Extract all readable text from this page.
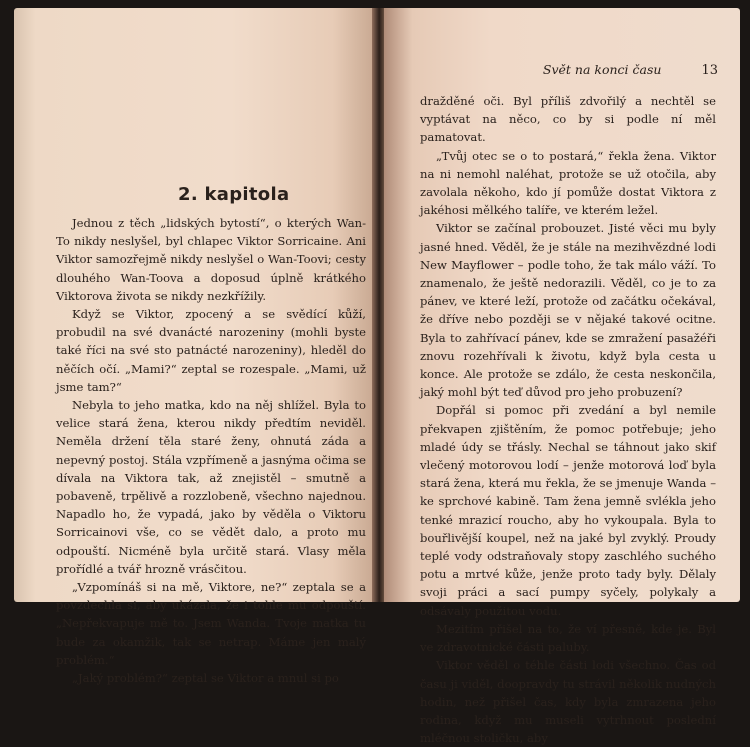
2. kapitola

Jednou z těch „lidských bytostí“, o kterých Wan-To nikdy neslyšel, byl chlapec Viktor Sorricaine. Ani Viktor samozřejmě nikdy neslyšel o Wan-Toovi; cesty dlouhého Wan-Toova a doposud úplně krátkého Viktorova života se nikdy nezkřížily.

Když se Viktor, zpocený a se svědící kůží, probudil na své dvanácté narozeniny (mohli byste také říci na své sto patnácté narozeniny), hleděl do něčích očí. „Mami?“ zeptal se rozespale. „Mami, už jsme tam?“

Nebyla to jeho matka, kdo na něj shlížel. Byla to velice stará žena, kterou nikdy předtím neviděl. Neměla držení těla staré ženy, ohnutá záda a nepevný postoj. Stála vzpřímeně a jasnýma očima se dívala na Viktora tak, až znejistěl – smutně a pobaveně, trpělivě a rozzlobeně, všechno najednou. Napadlo ho, že vypadá, jako by věděla o Viktoru Sorricainovi vše, co se vědět dalo, a proto mu odpouští. Nicméně byla určitě stará. Vlasy měla prořídlé a tvář hrozně vrásčitou.

„Vzpomínáš si na mě, Viktore, ne?“ zeptala se a povzdechla si, aby ukázala, že i tohle mu odpouští. „Nepřekvapuje mě to. Jsem Wanda. Tvoje matka tu bude za okamžik, tak se netrap. Máme jen malý problém.“

„Jaký problém?“ zeptal se Viktor a mnul si po

Svět na konci času	13

dražděné oči. Byl příliš zdvořilý a nechtěl se vyptávat na něco, co by si podle ní měl pamatovat.

„Tvůj otec se o to postará,“ řekla žena. Viktor na ni nemohl naléhat, protože se už otočila, aby zavolala někoho, kdo jí pomůže dostat Viktora z jakéhosi mělkého talíře, ve kterém ležel.

Viktor se začínal probouzet. Jisté věci mu byly jasné hned. Věděl, že je stále na mezihvězdné lodi New Mayflower – podle toho, že tak málo váží. To znamenalo, že ještě nedorazili. Věděl, co je to za pánev, ve které leží, protože od začátku očekával, že dříve nebo později se v nějaké takové ocitne. Byla to zahřívací pánev, kde se zmražení pasažéři znovu rozehřívali k životu, když byla cesta u konce. Ale protože se zdálo, že cesta neskončila, jaký mohl být teď důvod pro jeho probuzení?

Dopřál si pomoc při zvedání a byl nemile překvapen zjištěním, že pomoc potřebuje; jeho mladé údy se třásly. Nechal se táhnout jako skif vlečený motorovou lodí – jenže motorová loď byla stará žena, která mu řekla, že se jmenuje Wanda – ke sprchové kabině. Tam žena jemně svlékla jeho tenké mrazicí roucho, aby ho vykoupala. Byla to bouřlivější koupel, než na jaké byl zvyklý. Proudy teplé vody odstraňovaly stopy zaschlého suchého potu a mrtvé kůže, jenže proto tady byly. Dělaly svoji práci a sací pumpy syčely, polykaly a odsávaly použitou vodu.

Mezitím přišel na to, že ví přesně, kde je. Byl ve zdravotnické části paluby.

Viktor věděl o téhle části lodi všechno. Čas od času ji viděl, doopravdy tu strávil několik nudných hodin, než přišel čas, kdy byla zmrazena jeho rodina, když mu museli vytrhnout poslední mléčnou stoličku, aby
